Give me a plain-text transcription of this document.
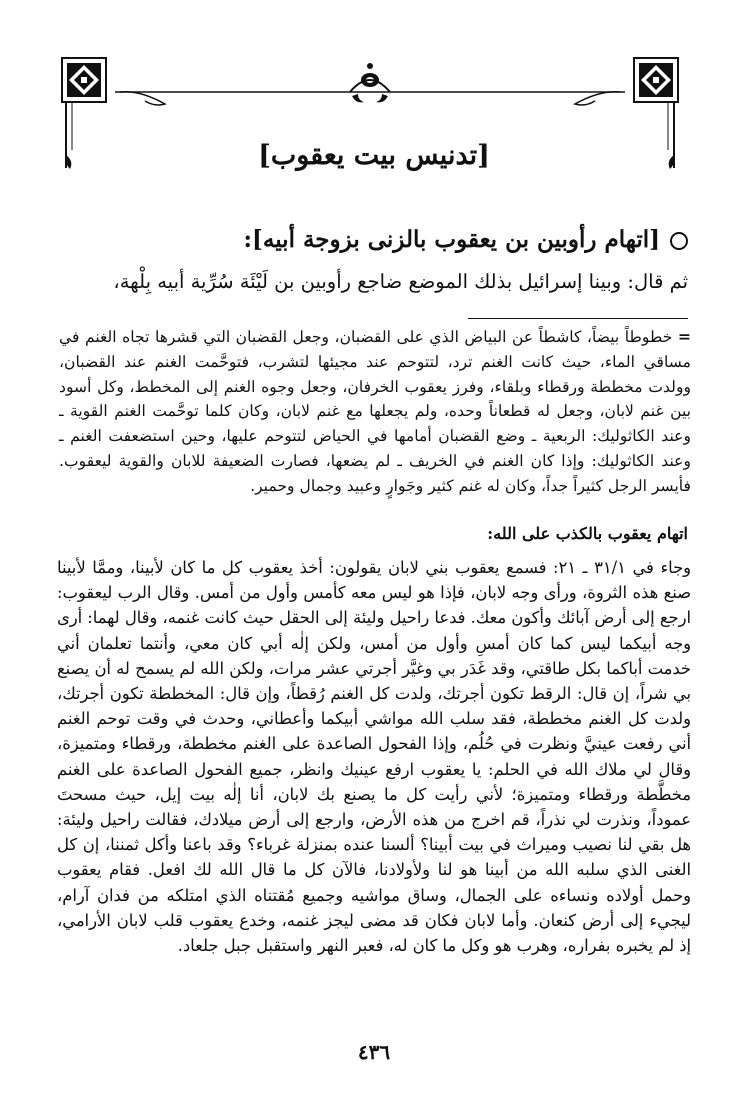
[تدنيس بيت يعقوب]
[اتهام رأوبين بن يعقوب بالزنى بزوجة أبيه]:
ثم قال: وبينا إسرائيل بذلك الموضع ضاجع رأوبين بن لَيْئَة سُرِّية أبيه بِلْهة،
= خطوطاً بيضاً، كاشطاً عن البياض الذي على القضبان، وجعل القضبان التي قشرها تجاه الغنم في مساقي الماء، حيث كانت الغنم ترد، لتتوحم عند مجيئها لتشرب، فتوحَّمت الغنم عند القضبان، وولدت مخططة ورقطاء وبلقاء، وفرز يعقوب الخرفان، وجعل وجوه الغنم إلى المخطط، وكل أسود بين غنم لابان، وجعل له قطعاناً وحده، ولم يجعلها مع غنم لابان، وكان كلما توحَّمت الغنم القوية ـ وعند الكاثوليك: الربعية ـ وضع القضبان أمامها في الحياض لتتوحم عليها، وحين استضعفت الغنم ـ وعند الكاثوليك: وإذا كان الغنم في الخريف ـ لم يضعها، فصارت الضعيفة للابان والقوية ليعقوب. فأيسر الرجل كثيراً جداً، وكان له غنم كثير وجَوارٍ وعبيد وجمال وحمير.
اتهام يعقوب بالكذب على الله:
وجاء في ٣١/١ ـ ٢١: فسمع يعقوب بني لابان يقولون: أخذ يعقوب كل ما كان لأبينا، وممَّا لأبينا صنع هذه الثروة، ورأى وجه لابان، فإذا هو ليس معه كأمس وأول من أمس. وقال الرب ليعقوب: ارجع إلى أرض آبائك وأكون معك. فدعا راحيل وليئة إلى الحقل حيث كانت غنمه، وقال لهما: أرى وجه أبيكما ليس كما كان أمسِ وأول من أمس، ولكن إلٰه أبي كان معي، وأنتما تعلمان أني خدمت أباكما بكل طاقتي، وقد غَدَر بي وغيَّر أجرتي عشر مرات، ولكن الله لم يسمح له أن يصنع بي شراً، إن قال: الرقط تكون أجرتك، ولدت كل الغنم رُقطاً، وإن قال: المخططة تكون أجرتك، ولدت كل الغنم مخططة، فقد سلب الله مواشي أبيكما وأعطاني، وحدث في وقت توحم الغنم أني رفعت عينيَّ ونظرت في حُلُم، وإذا الفحول الصاعدة على الغنم مخططة، ورقطاء ومتميزة، وقال لي ملاك الله في الحلم: يا يعقوب ارفع عينيك وانظر، جميع الفحول الصاعدة على الغنم مخطَّطة ورقطاء ومتميزة؛ لأني رأيت كل ما يصنع بك لابان، أنا إلٰه بيت إيل، حيث مسحتَ عموداً، ونذرت لي نذراً، قم اخرج من هذه الأرض، وارجع إلى أرض ميلادك، فقالت راحيل وليئة: هل بقي لنا نصيب وميراث في بيت أبينا؟ ألسنا عنده بمنزلة غرباء؟ وقد باعنا وأكل ثمننا، إن كل الغنى الذي سلبه الله من أبينا هو لنا ولأولادنا، فالآن كل ما قال الله لك افعل. فقام يعقوب وحمل أولاده ونساءه على الجمال، وساق مواشيه وجميع مُقتناه الذي امتلكه من فدان آرام، ليجيء إلى أرض كنعان. وأما لابان فكان قد مضى ليجز غنمه، وخدع يعقوب قلب لابان الأرامي، إذ لم يخبره بفراره، وهرب هو وكل ما كان له، فعبر النهر واستقبل جبل جلعاد.
٤٣٦
